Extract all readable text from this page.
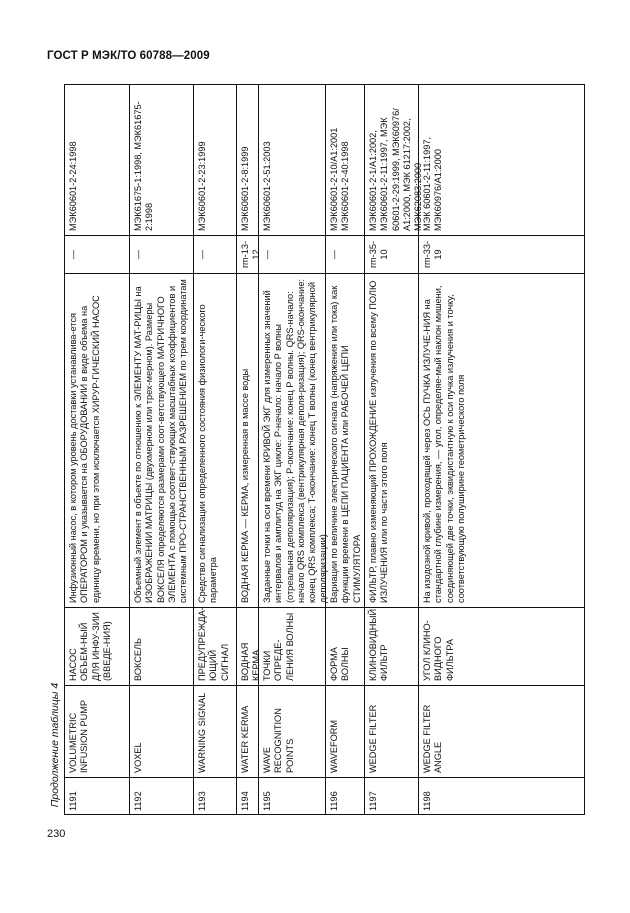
ГОСТ Р МЭК/ТО 60788—2009
Продолжение таблицы 4 1191
VOLUMETRIC INFUSION PUMP
НАСОС ОБЪЕМ-НЫЙ ДЛЯ ИНФУ-ЗИИ (ВВЕДЕ-НИЯ)
Инфузионный насос, в котором уровень доставки устанавлива-ется ОПЕРАТОРОМ и указывается на ОБОРУДОВАНИИ в виде объема на единицу времени, но при этом исключается ХИРУР-ГИЧЕСКИЙ НАСОС
—
МЭК60601-2-24:1998
1192
VOXEL
ВОКСЕЛЬ
Объемный элемент в объекте по отношению к ЭЛЕМЕНТУ МАТ-РИЦЫ на ИЗОБРАЖЕНИИ МАТРИЦЫ (двухмерном или трех-мерном). Размеры ВОКСЕЛЯ определяются размерами соот-ветствующего МАТРИЧНОГО ЭЛЕМЕНТА с помощью соответ-ствующих масштабных коэффициентов и системным ПРО-СТРАНСТВЕННЫМ РАЗРЕШЕНИЕМ по трем координатам
—
МЭК61675-1:1998, МЭК61675-2:1998
1193
WARNING SIGNAL
ПРЕДУПРЕЖДА-ЮЩИЙ СИГНАЛ
Средство сигнализации определенного состояния физиологи-ческого параметра
—
МЭК60601-2-23:1999
1194
WATER KERMA
ВОДНАЯ КЕРМА
ВОДНАЯ КЕРМА — КЕРМА, измеренная в массе воды
rm-13-12
МЭК60601-2-8:1999
1195
WAVE RECOGNITION POINTS
ТОЧКИ ОПРЕДЕ-ЛЕНИЯ ВОЛНЫ
Заданные точки на оси времени КРИВОЙ ЭКГ для измеренных значений интервалов и амплитуд на ЭКГ цикле: P-начало: начало P волны (отреальная деполяризация); P-окончание: конец P волны. QRS-начало: начало QRS комплекса (вентрикулярная деполя-ризация); QRS-окончание: конец QRS комплекса; T-окончание: конец T волны (конец вентрикулярной деполяризации)
—
МЭК60601-2-51:2003
1196
WAVEFORM
ФОРМА ВОЛНЫ
Вариации по величине электрического сигнала (напряжения или тока) как функции времени в ЦЕПИ ПАЦИЕНТА или РАБОЧЕЙ ЦЕПИ СТИМУЛЯТОРА
—
МЭК60601-2-10/А1:2001 МЭК60601-2-40:1998
1197
WEDGE FILTER
КЛИНОВИДНЫЙ ФИЛЬТР
ФИЛЬТР, плавно изменяющий ПРОХОЖДЕНИЕ излучения по всему ПОЛЮ ИЗЛУЧЕНИЯ или по части этого поля
rm-35-10
МЭК60601-2-1/А1:2002, МЭК60601-2-11:1997, МЭК 60601-2-29:1999, МЭК60976/А1:2000, МЭК 61217:2002, МЭК62083:2000
1198
WEDGE FILTER ANGLE
УГОЛ КЛИНО-ВИДНОГО ФИЛЬТРА
На изодозной кривой, проходящей через ОСЬ ПУЧКА ИЗЛУЧЕ-НИЯ на стандартной глубине измерения, — угол, определяе-мый наклон мишени, соединяющей две точки, эквидистантную к оси пучка излучения и точку, соответствующую полуширине геометрического поля
rm-33-19
МЭК 60601-2-11:1997, МЭК60976/А1:2000
230
